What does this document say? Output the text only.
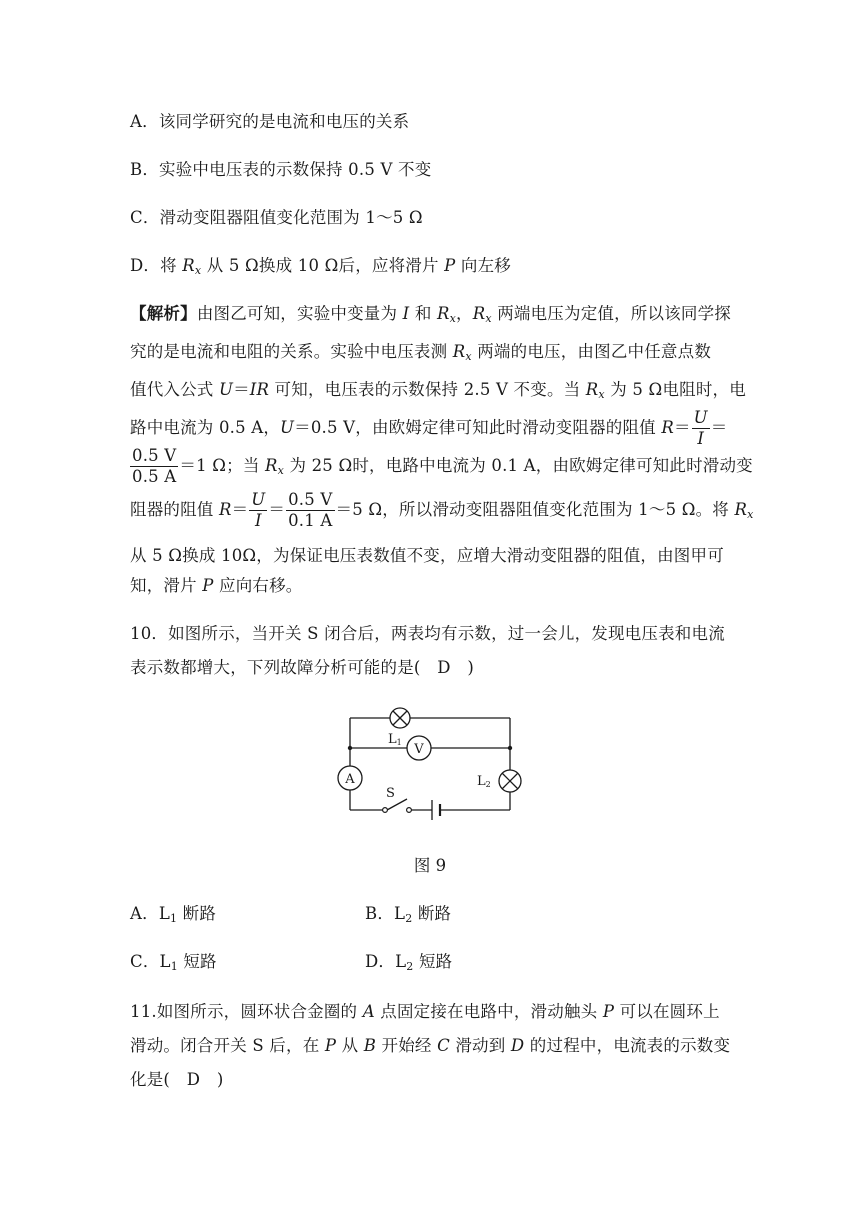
A．该同学研究的是电流和电压的关系
B．实验中电压表的示数保持 0.5 V 不变
C．滑动变阻器阻值变化范围为 1～5 Ω
D．将 $R_x$ 从 5 Ω换成 10 Ω后，应将滑片 P 向左移
【解析】由图乙可知，实验中变量为 I 和 $R_x$，$R_x$ 两端电压为定值，所以该同学探
究的是电流和电阻的关系。实验中电压表测 $R_x$ 两端的电压，由图乙中任意点数
值代入公式 U＝IR 可知，电压表的示数保持 2.5 V 不变。当 $R_x$ 为 5 Ω电阻时，电
路中电流为 0.5 A，U＝0.5 V，由欧姆定律可知此时滑动变阻器的阻值 $R= \frac{U}{I}$ ＝
$\frac{0.5 V}{0.5 A} =1$ Ω；当 $R_x$ 为 25 Ω时，电路中电流为 0.1 A，由欧姆定律可知此时滑动变
阻器的阻值 $R= \frac{U}{I} = \frac{0.5 V}{0.1 A} =5$ Ω，所以滑动变阻器阻值变化范围为 1～5 Ω。将 $R_x$
从 5 Ω换成 10Ω，为保证电压表数值不变，应增大滑动变阻器的阻值，由图甲可
知，滑片 P 应向右移。
10．如图所示，当开关 S 闭合后，两表均有示数，过一会儿，发现电压表和电流
表示数都增大，下列故障分析可能的是(　D　)
V
A
L1
L2
S
图 9
A．$L_1$ 断路	B．$L_2$ 断路
C．$L_1$ 短路	D．$L_2$ 短路
11.如图所示，圆环状合金圈的 A 点固定接在电路中，滑动触头 P 可以在圆环上
滑动。闭合开关 S 后，在 P 从 B 开始经 C 滑动到 D 的过程中，电流表的示数变
化是(　D　)
